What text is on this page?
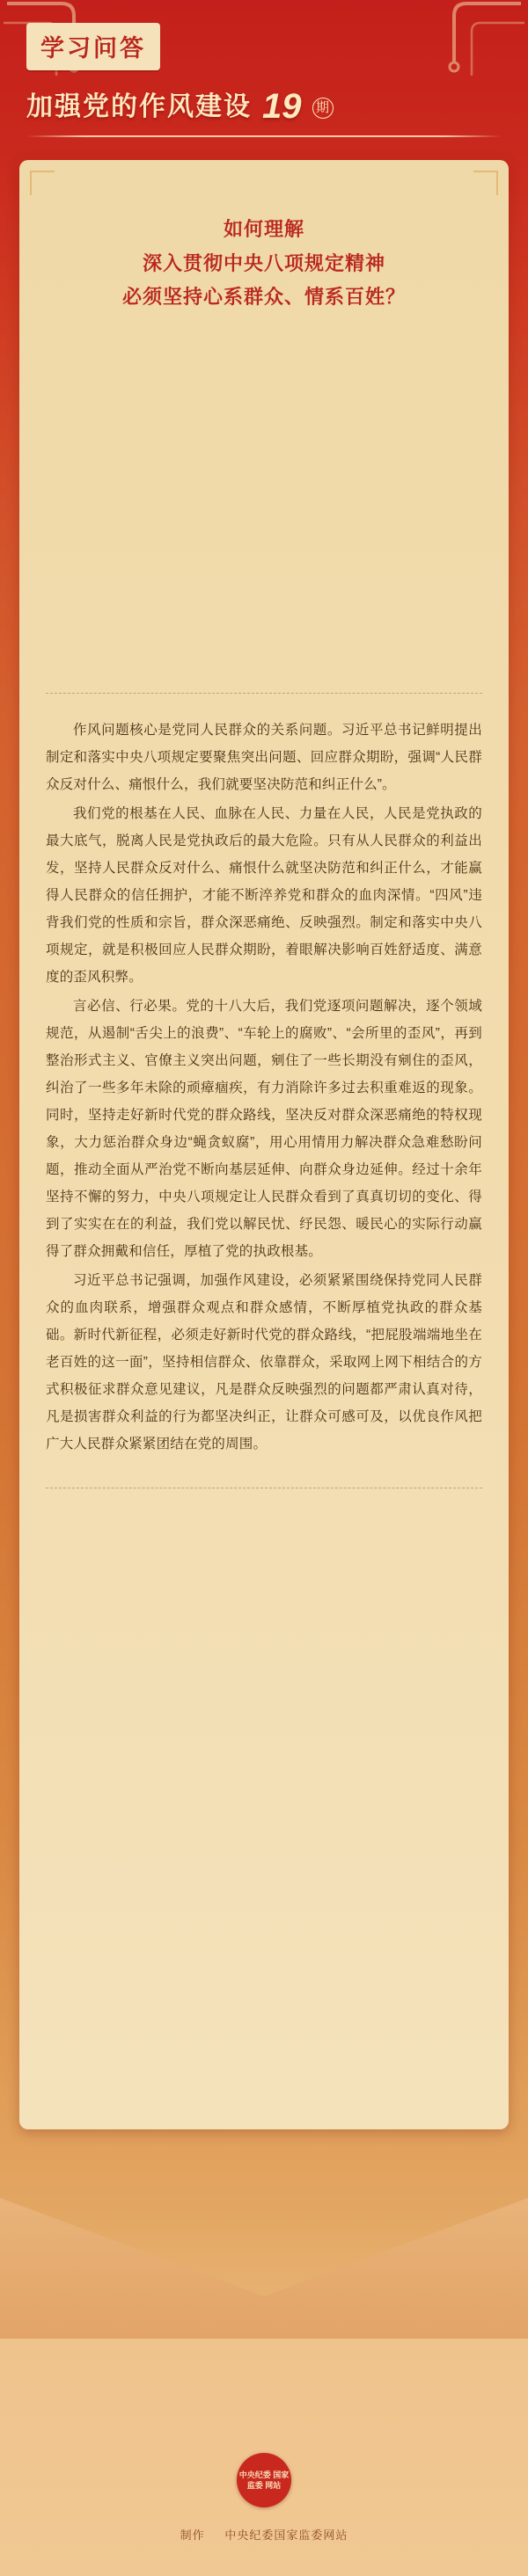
学习问答
加强党的作风建设 19 期
如何理解
深入贯彻中央八项规定精神
必须坚持心系群众、情系百姓？

作风问题核心是党同人民群众的关系问题。习近平总书记鲜明提出制定和落实中央八项规定要聚焦突出问题、回应群众期盼，强调“人民群众反对什么、痛恨什么，我们就要坚决防范和纠正什么”。

我们党的根基在人民、血脉在人民、力量在人民，人民是党执政的最大底气，脱离人民是党执政后的最大危险。只有从人民群众的利益出发，坚持人民群众反对什么、痛恨什么就坚决防范和纠正什么，才能赢得人民群众的信任拥护，才能不断淬养党和群众的血肉深情。“四风”违背我们党的性质和宗旨，群众深恶痛绝、反映强烈。制定和落实中央八项规定，就是积极回应人民群众期盼，着眼解决影响百姓舒适度、满意度的歪风积弊。

言必信、行必果。党的十八大后，我们党逐项问题解决，逐个领域规范，从遏制“舌尖上的浪费”、“车轮上的腐败”、“会所里的歪风”，再到整治形式主义、官僚主义突出问题，剜住了一些长期没有剜住的歪风，纠治了一些多年未除的顽瘴痼疾，有力消除许多过去积重难返的现象。同时，坚持走好新时代党的群众路线，坚决反对群众深恶痛绝的特权现象，大力惩治群众身边“蝇贪蚁腐”，用心用情用力解决群众急难愁盼问题，推动全面从严治党不断向基层延伸、向群众身边延伸。经过十余年坚持不懈的努力，中央八项规定让人民群众看到了真真切切的变化、得到了实实在在的利益，我们党以解民忧、纾民怨、暖民心的实际行动赢得了群众拥戴和信任，厚植了党的执政根基。

习近平总书记强调，加强作风建设，必须紧紧围绕保持党同人民群众的血肉联系，增强群众观点和群众感情，不断厚植党执政的群众基础。新时代新征程，必须走好新时代党的群众路线，“把屁股端端地坐在老百姓的这一面”，坚持相信群众、依靠群众，采取网上网下相结合的方式积极征求群众意见建议，凡是群众反映强烈的问题都严肃认真对待，凡是损害群众利益的行为都坚决纠正，让群众可感可及，以优良作风把广大人民群众紧紧团结在党的周围。

中央纪委 国家监委 网站
制作 中央纪委国家监委网站
